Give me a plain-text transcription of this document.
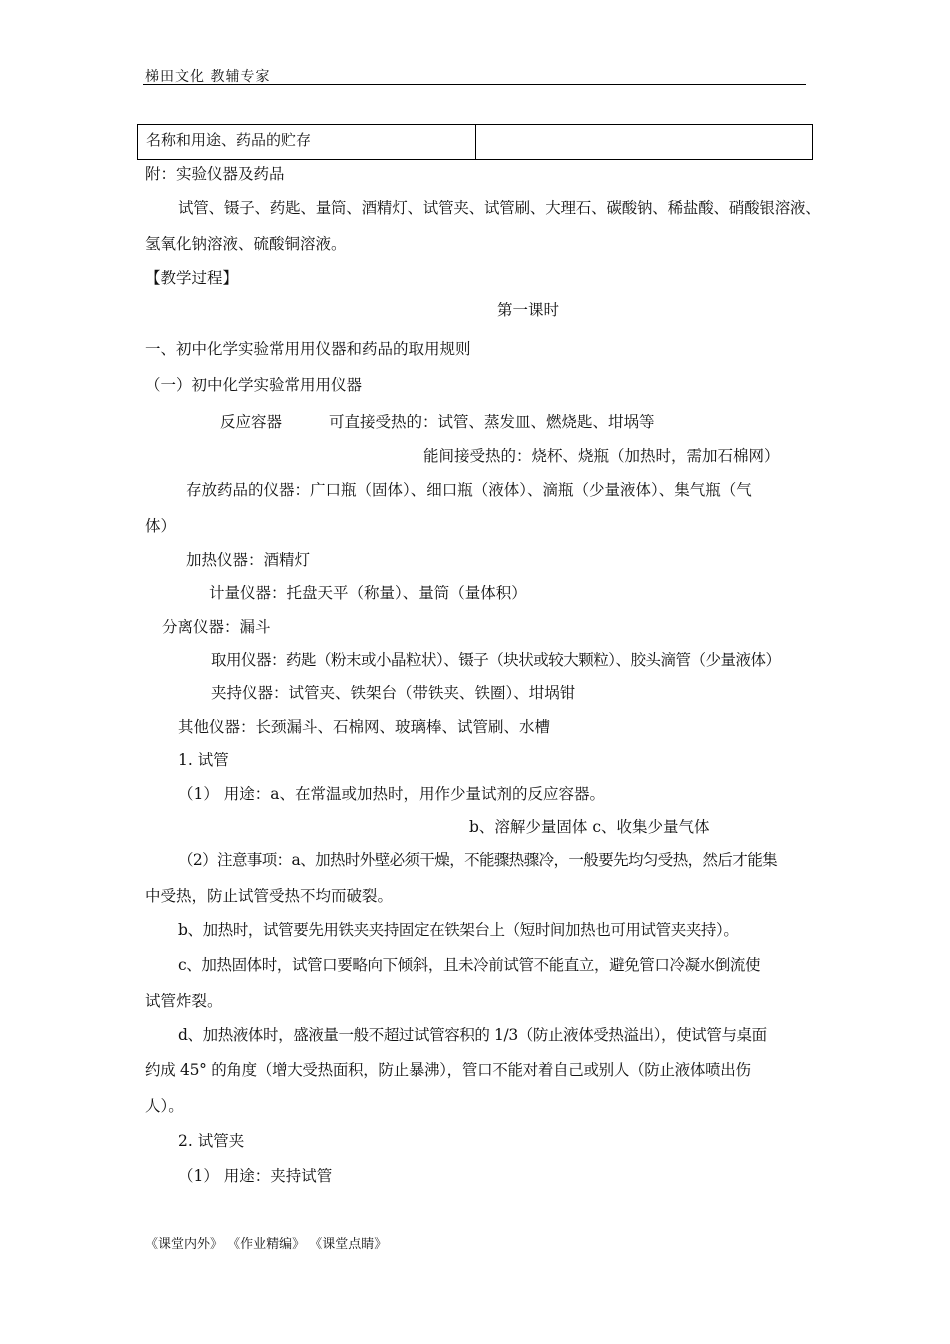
梯田文化 教辅专家
名称和用途、药品的贮存
附：实验仪器及药品
试管、镊子、药匙、量筒、酒精灯、试管夹、试管刷、大理石、碳酸钠、稀盐酸、硝酸银溶液、
氢氧化钠溶液、硫酸铜溶液。
【教学过程】
第一课时
一、初中化学实验常用用仪器和药品的取用规则
（一）初中化学实验常用用仪器
反应容器	可直接受热的：试管、蒸发皿、燃烧匙、坩埚等
能间接受热的：烧杯、烧瓶（加热时，需加石棉网）
存放药品的仪器：广口瓶（固体）、细口瓶（液体）、滴瓶（少量液体）、集气瓶（气
体）
加热仪器：酒精灯
计量仪器：托盘天平（称量）、量筒（量体积）
分离仪器：漏斗
取用仪器：药匙（粉末或小晶粒状）、镊子（块状或较大颗粒）、胶头滴管（少量液体）
夹持仪器：试管夹、铁架台（带铁夹、铁圈）、坩埚钳
其他仪器：长颈漏斗、石棉网、玻璃棒、试管刷、水槽
1. 试管
（1） 用途：a、在常温或加热时，用作少量试剂的反应容器。
b、溶解少量固体 c、收集少量气体
（2）注意事项：a、加热时外壁必须干燥，不能骤热骤冷，一般要先均匀受热，然后才能集
中受热，防止试管受热不均而破裂。
b、加热时，试管要先用铁夹夹持固定在铁架台上（短时间加热也可用试管夹夹持）。
c、加热固体时，试管口要略向下倾斜，且未冷前试管不能直立，避免管口冷凝水倒流使
试管炸裂。
d、加热液体时，盛液量一般不超过试管容积的 1/3（防止液体受热溢出），使试管与桌面
约成 45° 的角度（增大受热面积，防止暴沸），管口不能对着自己或别人（防止液体喷出伤
人）。
2. 试管夹
（1） 用途：夹持试管
《课堂内外》 《作业精编》 《课堂点睛》
